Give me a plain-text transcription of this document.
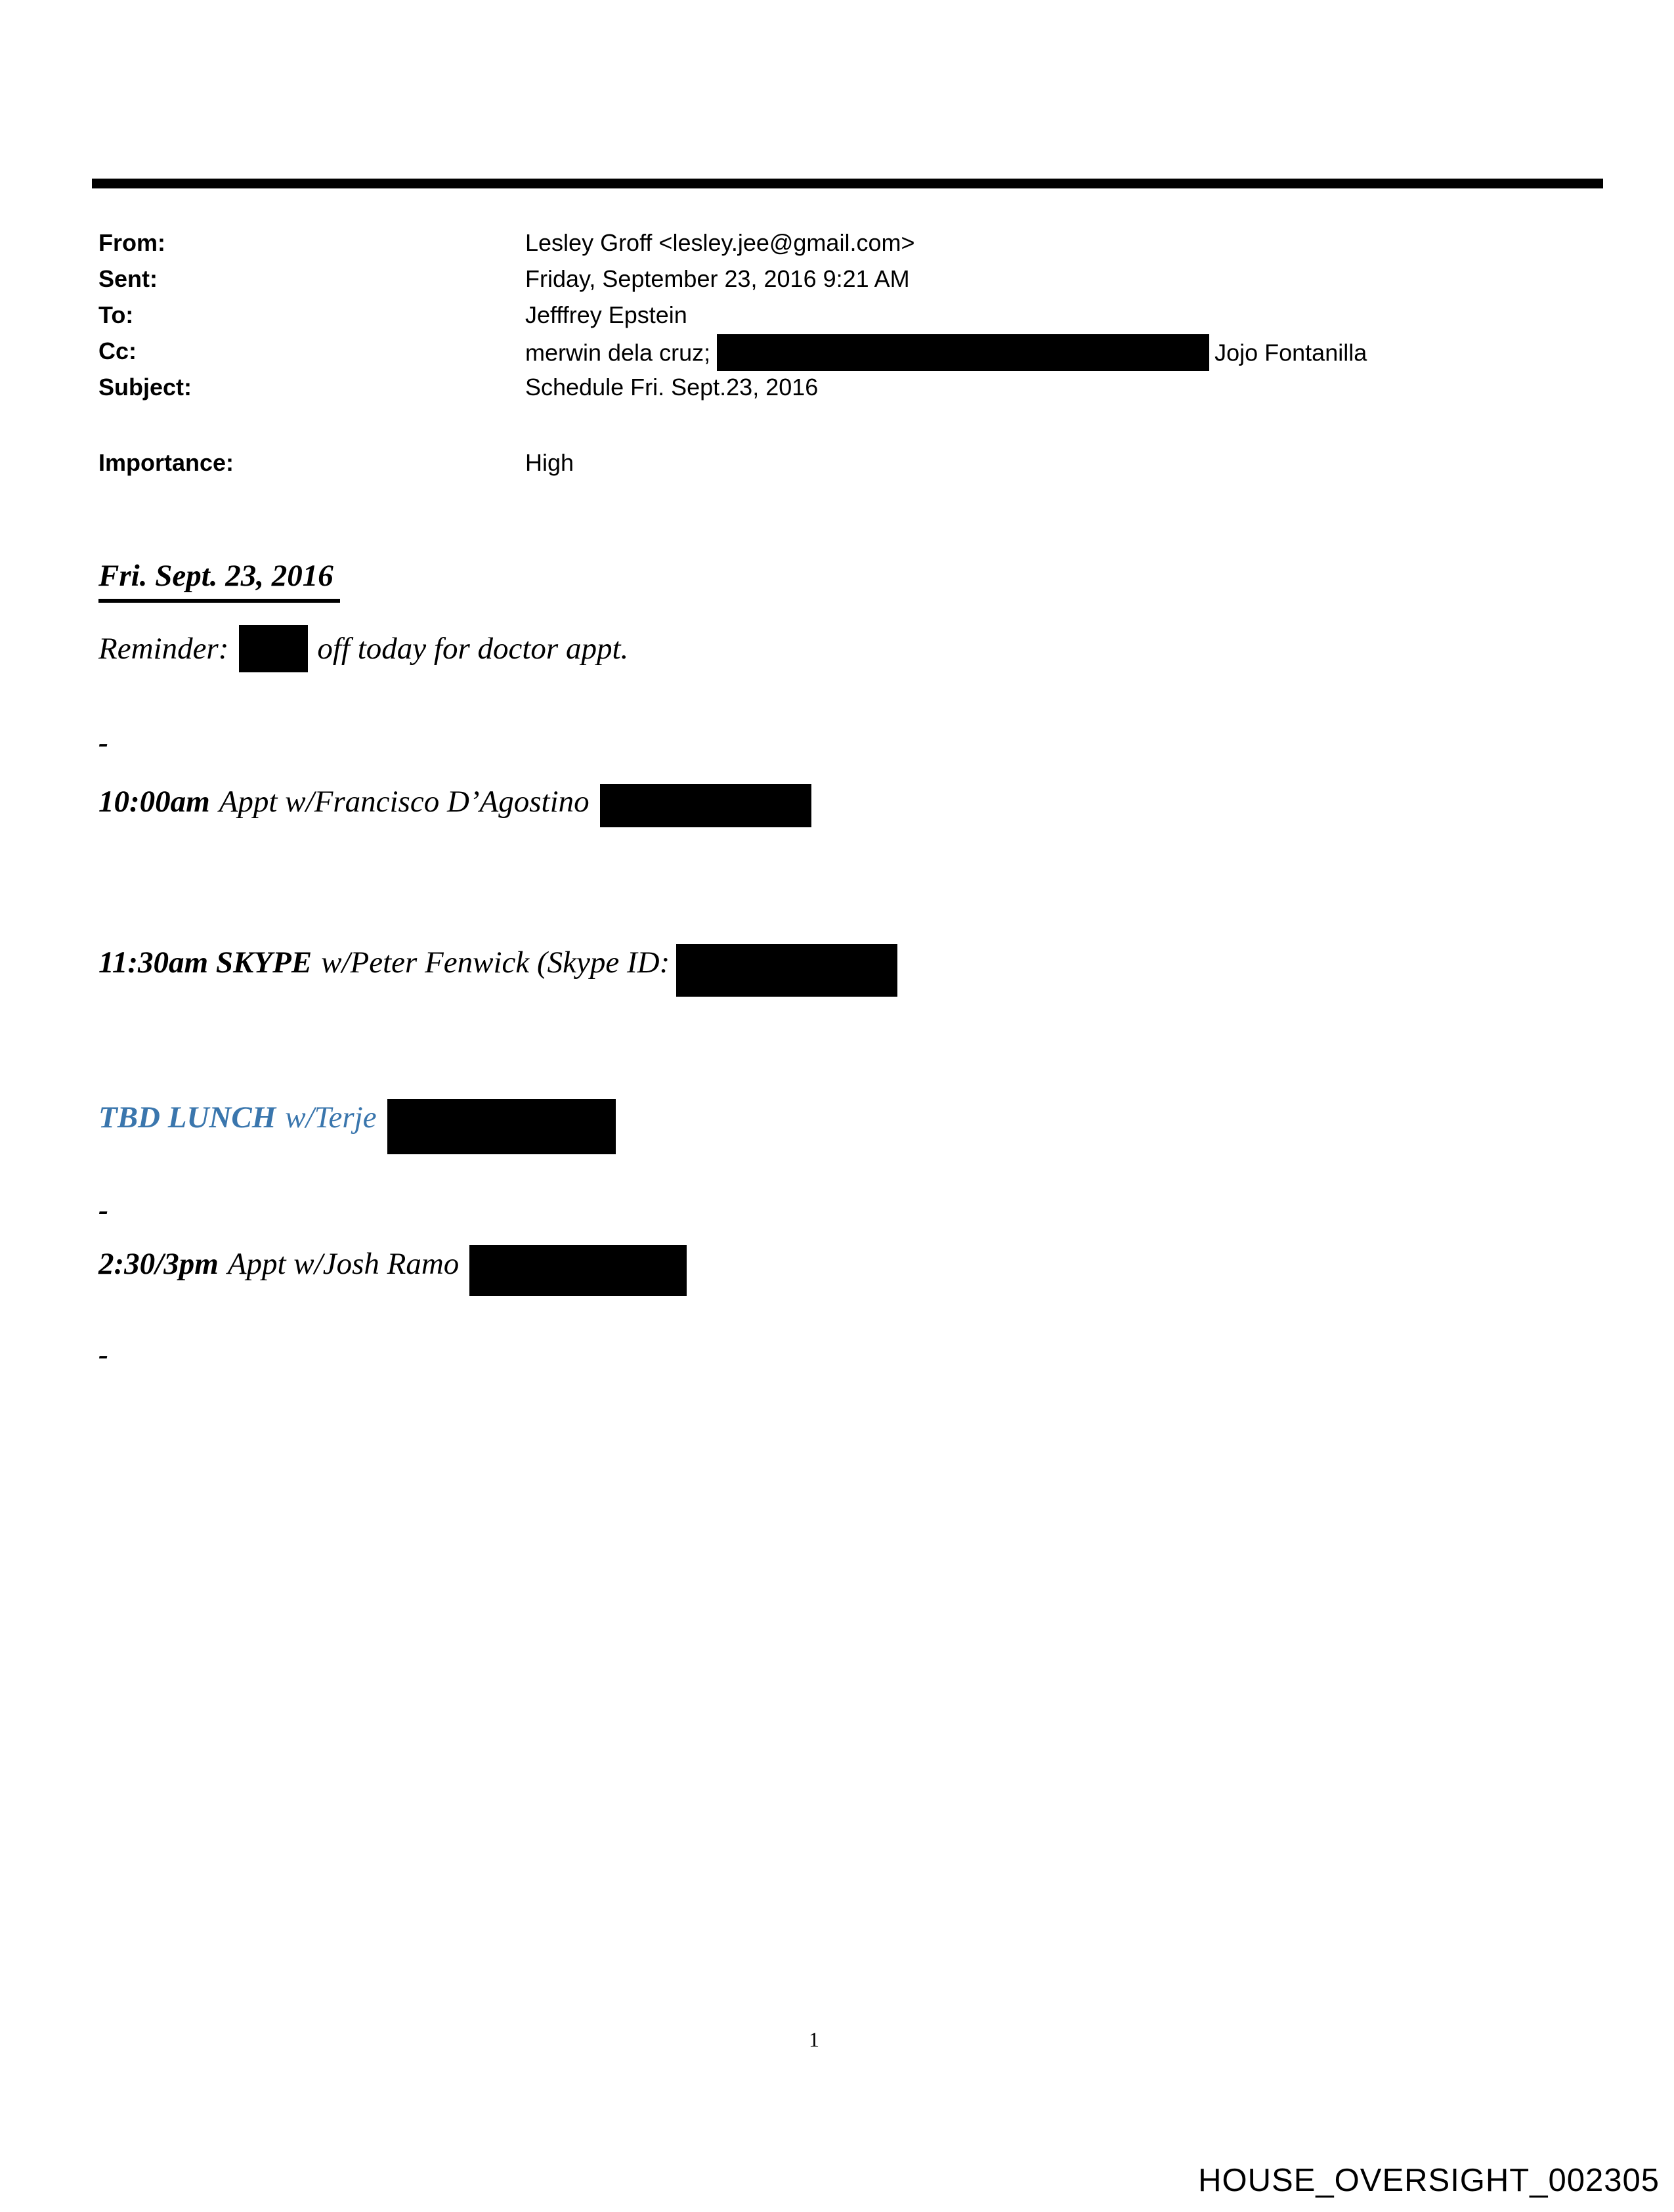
From:	Lesley Groff <lesley.jee@gmail.com>
Sent:	Friday, September 23, 2016 9:21 AM
To:	Jefffrey Epstein
Cc:	merwin dela cruz;	Jojo Fontanilla
Subject:	Schedule Fri. Sept.23, 2016
Importance:	High
Fri. Sept. 23, 2016
Reminder:	off today for doctor appt.
-
10:00am Appt w/Francisco D’Agostino
11:30am SKYPE w/Peter Fenwick (Skype ID:
TBD LUNCH w/Terje
-
2:30/3pm Appt w/Josh Ramo
-
1
HOUSE_OVERSIGHT_002305
